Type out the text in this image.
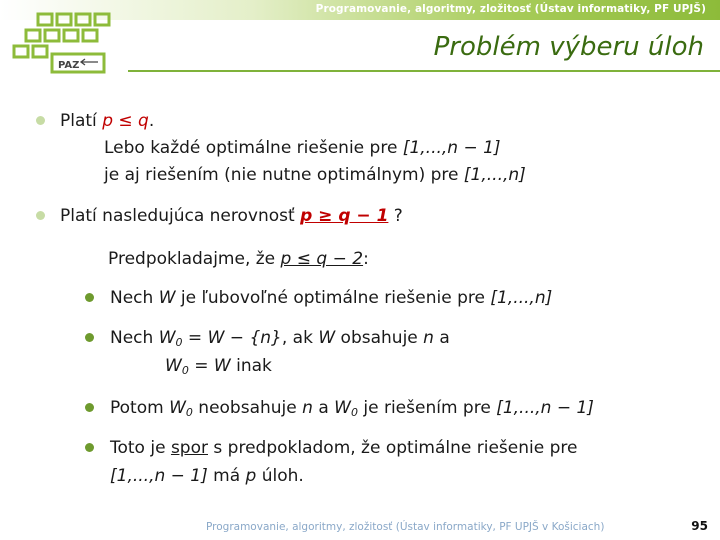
Programovanie, algoritmy, zložitosť (Ústav informatiky, PF UPJŠ)
PAZ
Problém výberu úloh
Platí p ≤ q.
Lebo každé optimálne riešenie pre [1,...,n − 1]
je aj riešením (nie nutne optimálnym) pre [1,...,n]
Platí nasledujúca nerovnosť p ≥ q − 1 ?
Predpokladajme, že p ≤ q − 2:
Nech W je ľubovoľné optimálne riešenie pre [1,...,n]
Nech $W_0 = W - \{n\}$, ak W obsahuje n a
$W_0 = W$ inak
Potom $W_0$ neobsahuje n a $W_0$ je riešením pre [1,...,n − 1]
Toto je spor s predpokladom, že optimálne riešenie pre
[1,...,n − 1] má p úloh.
Programovanie, algoritmy, zložitosť (Ústav informatiky, PF UPJŠ v Košiciach)	95
